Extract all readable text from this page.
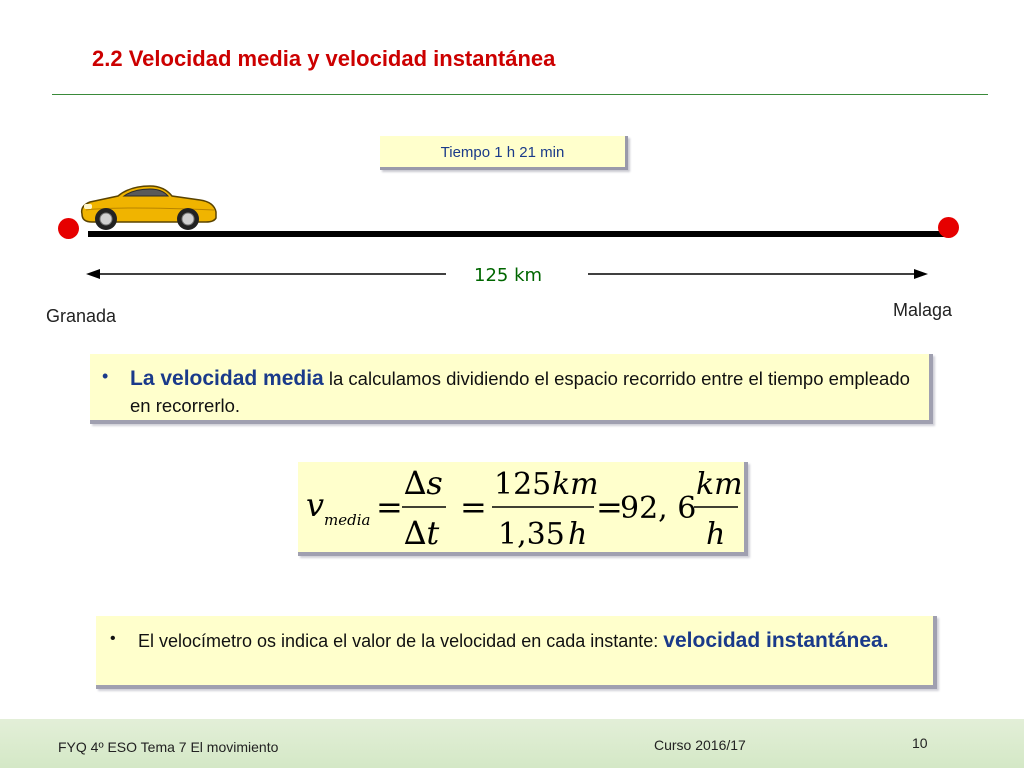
2.2 Velocidad media y velocidad instantánea
Tiempo 1 h 21 min
125 km
Granada	Malaga
• La velocidad media la calculamos dividiendo el espacio recorrido entre el tiempo empleado en recorrerlo.
v media =
∆s
∆t
=
125 km
1,35 h
=
92, 6
km
h
• El velocímetro os indica el valor de la velocidad en cada instante: velocidad instantánea.
FYQ 4º ESO Tema 7 El movimiento	Curso 2016/17	10
